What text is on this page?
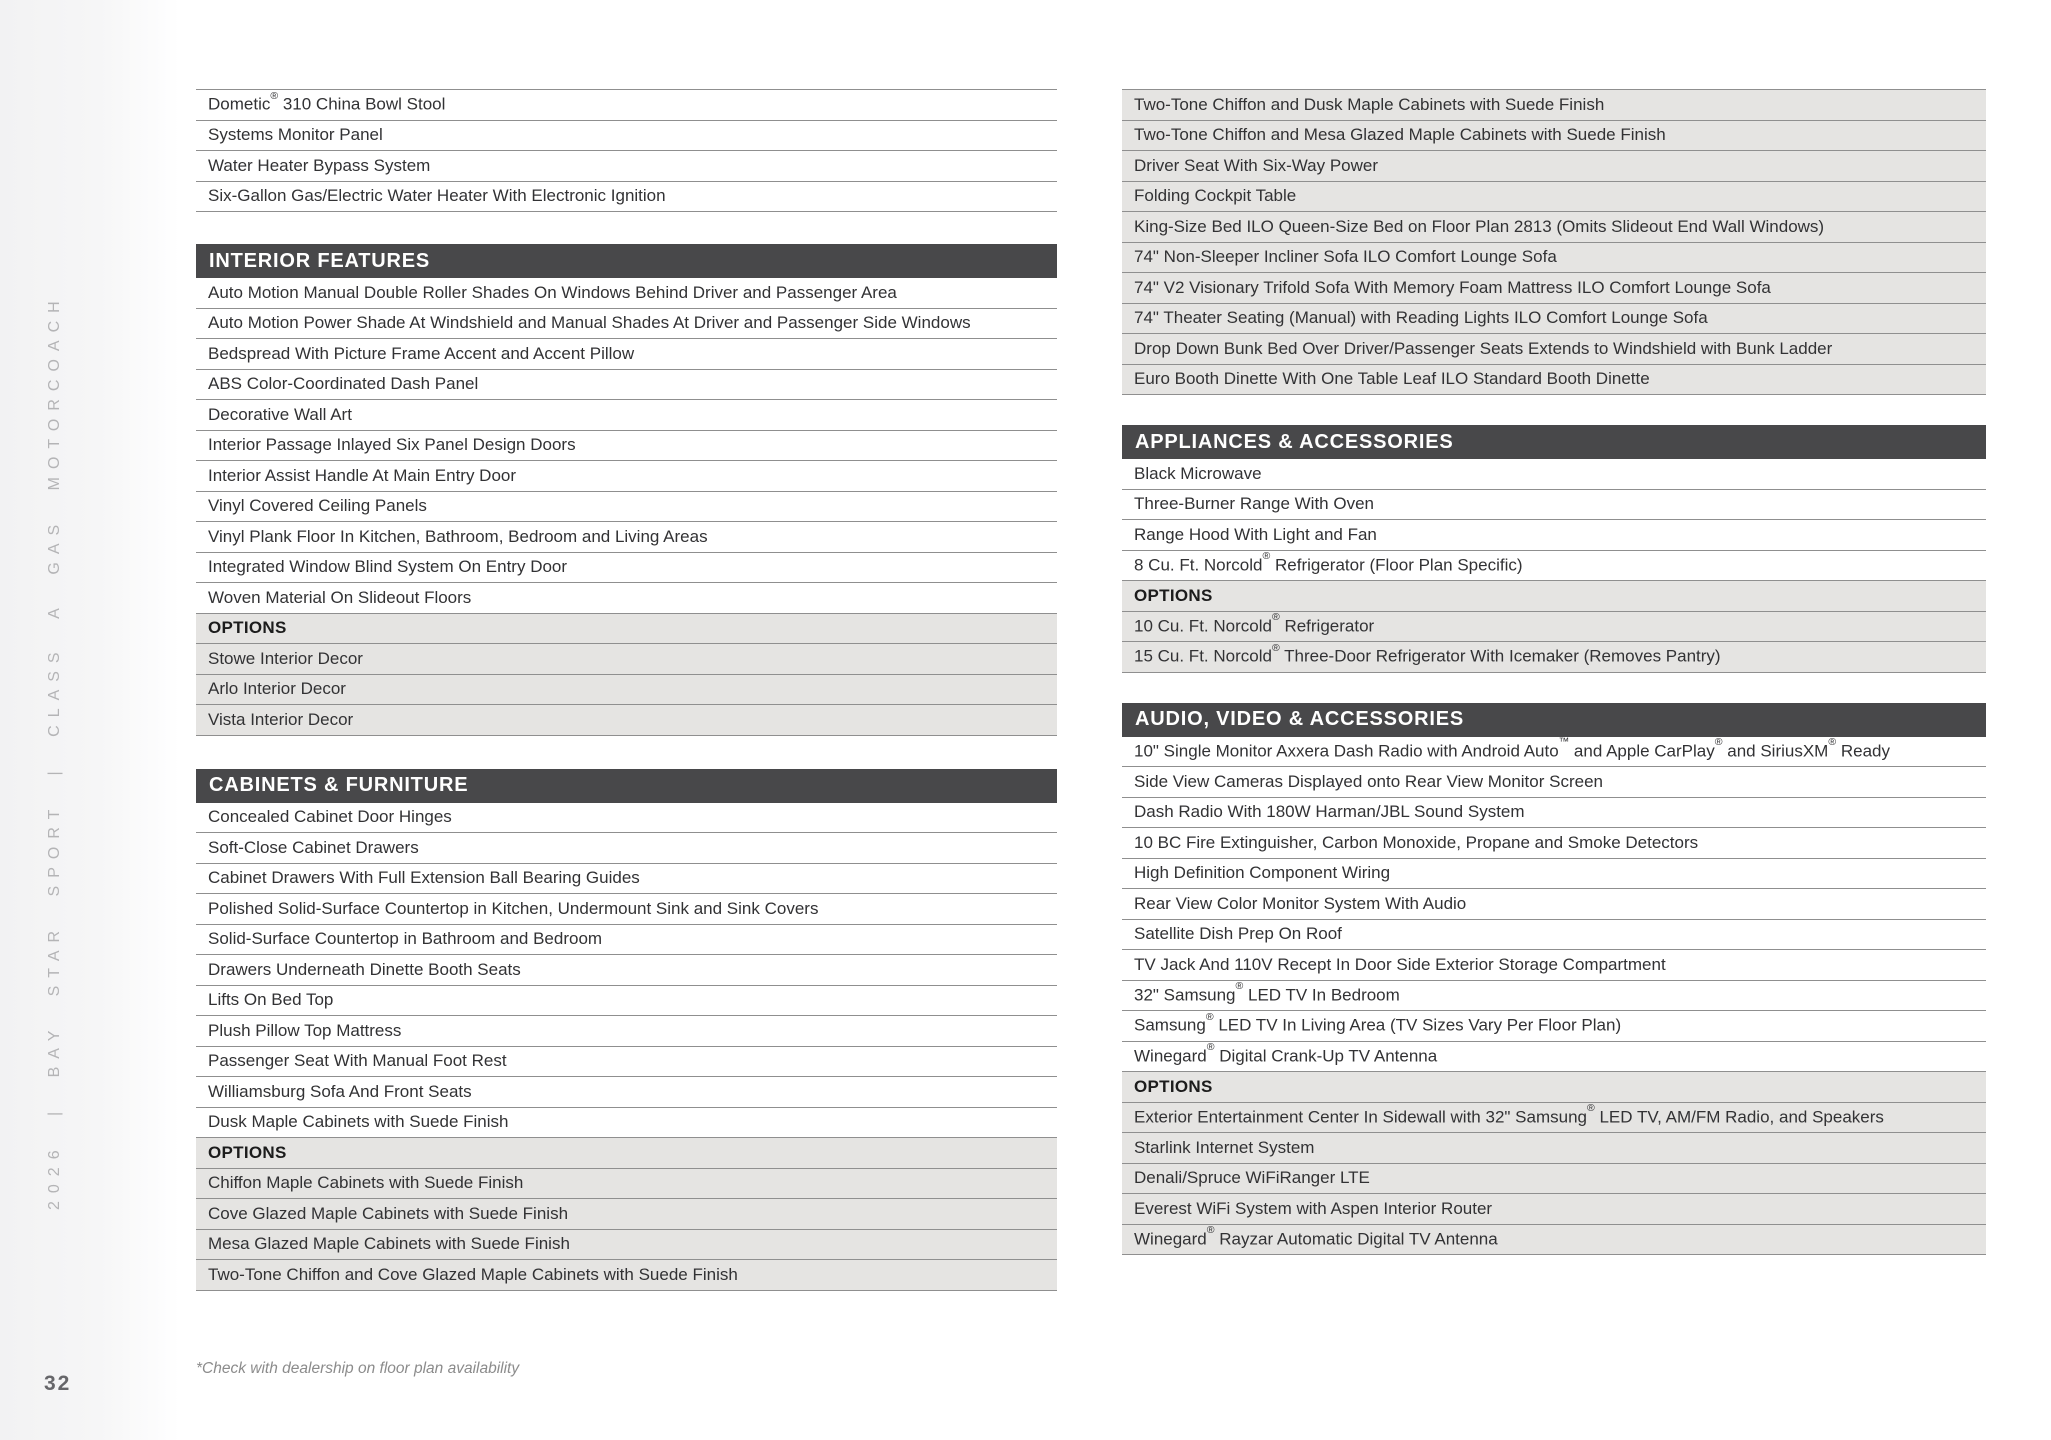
2026 | BAY STAR SPORT | CLASS A GAS MOTORCOACH
32
*Check with dealership on floor plan availability
Dometic® 310 China Bowl Stool
Systems Monitor Panel
Water Heater Bypass System
Six-Gallon Gas/Electric Water Heater With Electronic Ignition
INTERIOR FEATURES
Auto Motion Manual Double Roller Shades On Windows Behind Driver and Passenger Area
Auto Motion Power Shade At Windshield and Manual Shades At Driver and Passenger Side Windows
Bedspread With Picture Frame Accent and Accent Pillow
ABS Color-Coordinated Dash Panel
Decorative Wall Art
Interior Passage Inlayed Six Panel Design Doors
Interior Assist Handle At Main Entry Door
Vinyl Covered Ceiling Panels
Vinyl Plank Floor In Kitchen, Bathroom, Bedroom and Living Areas
Integrated Window Blind System On Entry Door
Woven Material On Slideout Floors
OPTIONS
Stowe Interior Decor
Arlo Interior Decor
Vista Interior Decor
CABINETS & FURNITURE
Concealed Cabinet Door Hinges
Soft-Close Cabinet Drawers
Cabinet Drawers With Full Extension Ball Bearing Guides
Polished Solid-Surface Countertop in Kitchen, Undermount Sink and Sink Covers
Solid-Surface Countertop in Bathroom and Bedroom
Drawers Underneath Dinette Booth Seats
Lifts On Bed Top
Plush Pillow Top Mattress
Passenger Seat With Manual Foot Rest
Williamsburg Sofa And Front Seats
Dusk Maple Cabinets with Suede Finish
OPTIONS
Chiffon Maple Cabinets with Suede Finish
Cove Glazed Maple Cabinets with Suede Finish
Mesa Glazed Maple Cabinets with Suede Finish
Two-Tone Chiffon and Cove Glazed Maple Cabinets with Suede Finish
Two-Tone Chiffon and Dusk Maple Cabinets with Suede Finish
Two-Tone Chiffon and Mesa Glazed Maple Cabinets with Suede Finish
Driver Seat With Six-Way Power
Folding Cockpit Table
King-Size Bed ILO Queen-Size Bed on Floor Plan 2813 (Omits Slideout End Wall Windows)
74" Non-Sleeper Incliner Sofa ILO Comfort Lounge Sofa
74" V2 Visionary Trifold Sofa With Memory Foam Mattress ILO Comfort Lounge Sofa
74" Theater Seating (Manual) with Reading Lights ILO Comfort Lounge Sofa
Drop Down Bunk Bed Over Driver/Passenger Seats Extends to Windshield with Bunk Ladder
Euro Booth Dinette With One Table Leaf ILO Standard Booth Dinette
APPLIANCES & ACCESSORIES
Black Microwave
Three-Burner Range With Oven
Range Hood With Light and Fan
8 Cu. Ft. Norcold® Refrigerator (Floor Plan Specific)
OPTIONS
10 Cu. Ft. Norcold® Refrigerator
15 Cu. Ft. Norcold® Three-Door Refrigerator With Icemaker (Removes Pantry)
AUDIO, VIDEO & ACCESSORIES
10" Single Monitor Axxera Dash Radio with Android Auto™ and Apple CarPlay® and SiriusXM® Ready
Side View Cameras Displayed onto Rear View Monitor Screen
Dash Radio With 180W Harman/JBL Sound System
10 BC Fire Extinguisher, Carbon Monoxide, Propane and Smoke Detectors
High Definition Component Wiring
Rear View Color Monitor System With Audio
Satellite Dish Prep On Roof
TV Jack And 110V Recept In Door Side Exterior Storage Compartment
32" Samsung® LED TV In Bedroom
Samsung® LED TV In Living Area (TV Sizes Vary Per Floor Plan)
Winegard® Digital Crank-Up TV Antenna
OPTIONS
Exterior Entertainment Center In Sidewall with 32" Samsung® LED TV, AM/FM Radio, and Speakers
Starlink Internet System
Denali/Spruce WiFiRanger LTE
Everest WiFi System with Aspen Interior Router
Winegard® Rayzar Automatic Digital TV Antenna
